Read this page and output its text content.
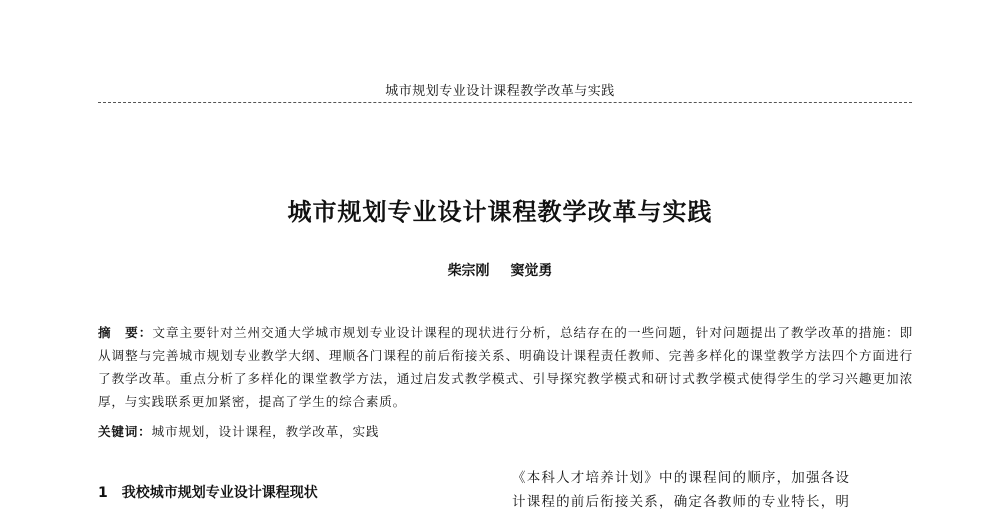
城市规划专业设计课程教学改革与实践
城市规划专业设计课程教学改革与实践
柴宗刚 窦觉勇
摘　要：文章主要针对兰州交通大学城市规划专业设计课程的现状进行分析，总结存在的一些问题，针对问题提出了教学改革的措施：即从调整与完善城市规划专业教学大纲、理顺各门课程的前后衔接关系、明确设计课程责任教师、完善多样化的课堂教学方法四个方面进行了教学改革。重点分析了多样化的课堂教学方法，通过启发式教学模式、引导探究教学模式和研讨式教学模式使得学生的学习兴趣更加浓厚，与实践联系更加紧密，提高了学生的综合素质。
关键词：城市规划，设计课程，教学改革，实践
1 我校城市规划专业设计课程现状
《本科人才培养计划》中的课程间的顺序，加强各设
计课程的前后衔接关系，确定各教师的专业特长，明
